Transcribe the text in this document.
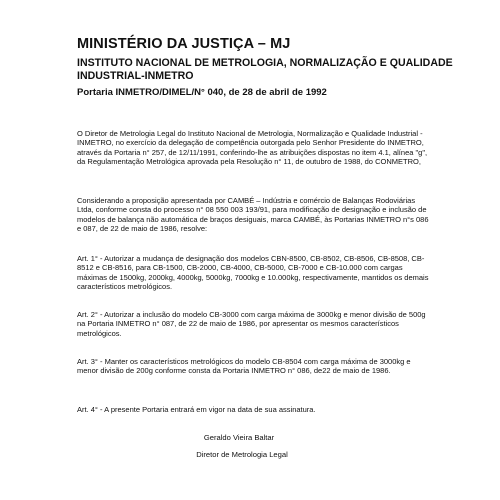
MINISTÉRIO DA JUSTIÇA – MJ
INSTITUTO NACIONAL DE METROLOGIA, NORMALIZAÇÃO E QUALIDADE INDUSTRIAL-INMETRO
Portaria INMETRO/DIMEL/N° 040, de 28 de abril de 1992

O Diretor de Metrologia Legal do Instituto Nacional de Metrologia, Normalização e Qualidade Industrial -INMETRO, no exercício da delegação de competência outorgada pelo Senhor Presidente do INMETRO, através da Portaria n° 257, de 12/11/1991, conferindo-lhe as atribuições dispostas no item 4.1, alínea "g", da Regulamentação Metrológica aprovada pela Resolução n° 11, de outubro de 1988, do CONMETRO,

Considerando a proposição apresentada por CAMBÉ – Indústria e comércio de Balanças Rodoviárias Ltda, conforme consta do processo n° 08 550 003 193/91, para modificação de designação e inclusão de modelos de balança não automática de braços desiguais, marca CAMBÉ, às Portarias INMETRO n°s 086 e 087, de 22 de maio de 1986, resolve:

Art. 1° - Autorizar a mudança de designação dos modelos CBN-8500, CB-8502, CB-8506, CB-8508, CB-8512 e CB-8516, para CB-1500, CB-2000, CB-4000, CB-5000, CB-7000 e CB-10.000 com cargas máximas de 1500kg, 2000kg, 4000kg, 5000kg, 7000kg e 10.000kg, respectivamente, mantidos os demais característicos metrológicos.

Art. 2° - Autorizar a inclusão do modelo CB-3000 com carga máxima de 3000kg e menor divisão de 500g na Portaria INMETRO n° 087, de 22 de maio de 1986, por apresentar os mesmos característicos metrológicos.

Art. 3° - Manter os característicos metrológicos do modelo CB-8504 com carga máxima de 3000kg e menor divisão de 200g conforme consta da Portaria INMETRO n° 086, de22 de maio de 1986.

Art. 4° - A presente Portaria entrará em vigor na data de sua assinatura.

Geraldo Vieira Baltar
Diretor de Metrologia Legal
